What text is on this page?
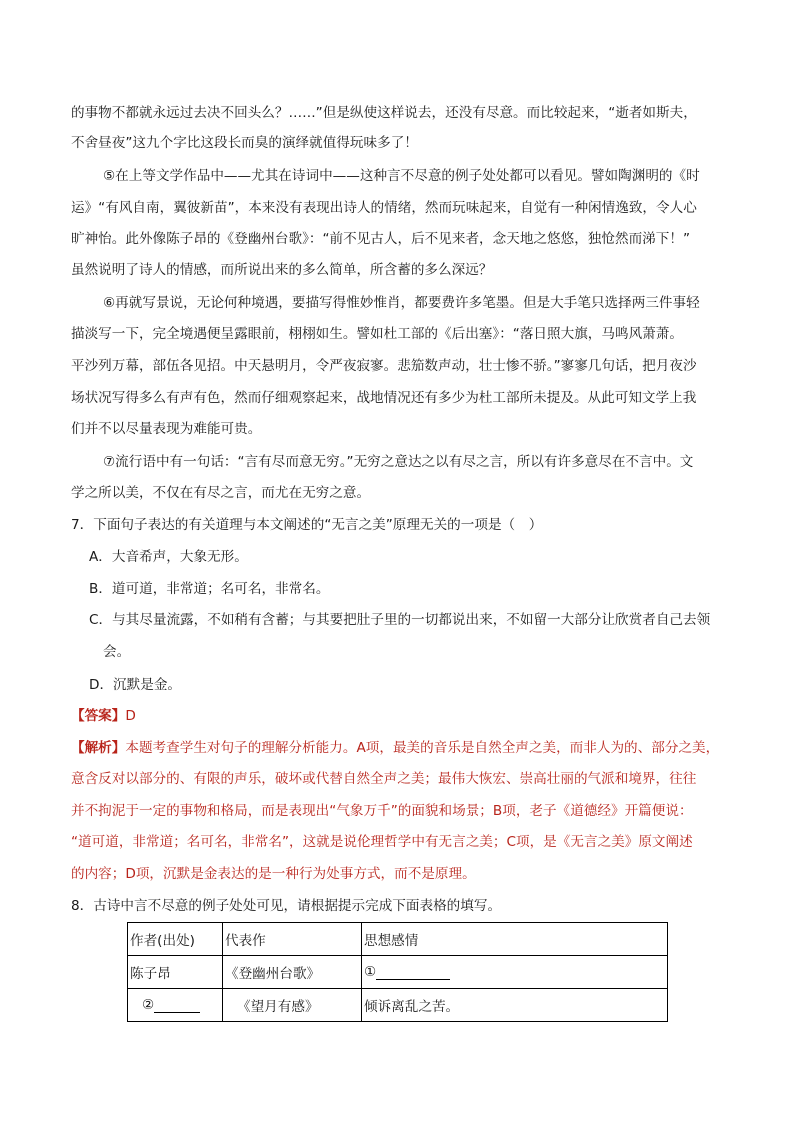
的事物不都就永远过去决不回头么？……”但是纵使这样说去，还没有尽意。而比较起来，“逝者如斯夫，
不舍昼夜”这九个字比这段长而臭的演绎就值得玩味多了！
⑤在上等文学作品中——尤其在诗词中——这种言不尽意的例子处处都可以看见。譬如陶渊明的《时
运》“有风自南，翼彼新苗”，本来没有表现出诗人的情绪，然而玩味起来，自觉有一种闲情逸致，令人心
旷神怡。此外像陈子昂的《登幽州台歌》：“前不见古人，后不见来者，念天地之悠悠，独怆然而涕下！”
虽然说明了诗人的情感，而所说出来的多么简单，所含蓄的多么深远？
⑥再就写景说，无论何种境遇，要描写得惟妙惟肖，都要费许多笔墨。但是大手笔只选择两三件事轻
描淡写一下，完全境遇便呈露眼前，栩栩如生。譬如杜工部的《后出塞》：“落日照大旗，马鸣风萧萧。
平沙列万幕，部伍各见招。中天悬明月，令严夜寂寥。悲笳数声动，壮士惨不骄。”寥寥几句话，把月夜沙
场状况写得多么有声有色，然而仔细观察起来，战地情况还有多少为杜工部所未提及。从此可知文学上我
们并不以尽量表现为难能可贵。
⑦流行语中有一句话：“言有尽而意无穷。”无穷之意达之以有尽之言，所以有许多意尽在不言中。文
学之所以美，不仅在有尽之言，而尤在无穷之意。
7．下面句子表达的有关道理与本文阐述的“无言之美”原理无关的一项是（　）
A．大音希声，大象无形。
B．道可道，非常道；名可名，非常名。
C．与其尽量流露，不如稍有含蓄；与其要把肚子里的一切都说出来，不如留一大部分让欣赏者自己去领
会。
D．沉默是金。
【答案】D
【解析】本题考查学生对句子的理解分析能力。A项，最美的音乐是自然全声之美，而非人为的、部分之美，
意含反对以部分的、有限的声乐，破坏或代替自然全声之美；最伟大恢宏、崇高壮丽的气派和境界，往往
并不拘泥于一定的事物和格局，而是表现出“气象万千”的面貌和场景；B项，老子《道德经》开篇便说：
“道可道，非常道；名可名，非常名”，这就是说伦理哲学中有无言之美；C项，是《无言之美》原文阐述
的内容；D项，沉默是金表达的是一种行为处事方式，而不是原理。
8．古诗中言不尽意的例子处处可见，请根据提示完成下面表格的填写。
作者(出处)	代表作	思想感情
陈子昂	《登幽州台歌》	①
②	《望月有感》	倾诉离乱之苦。
